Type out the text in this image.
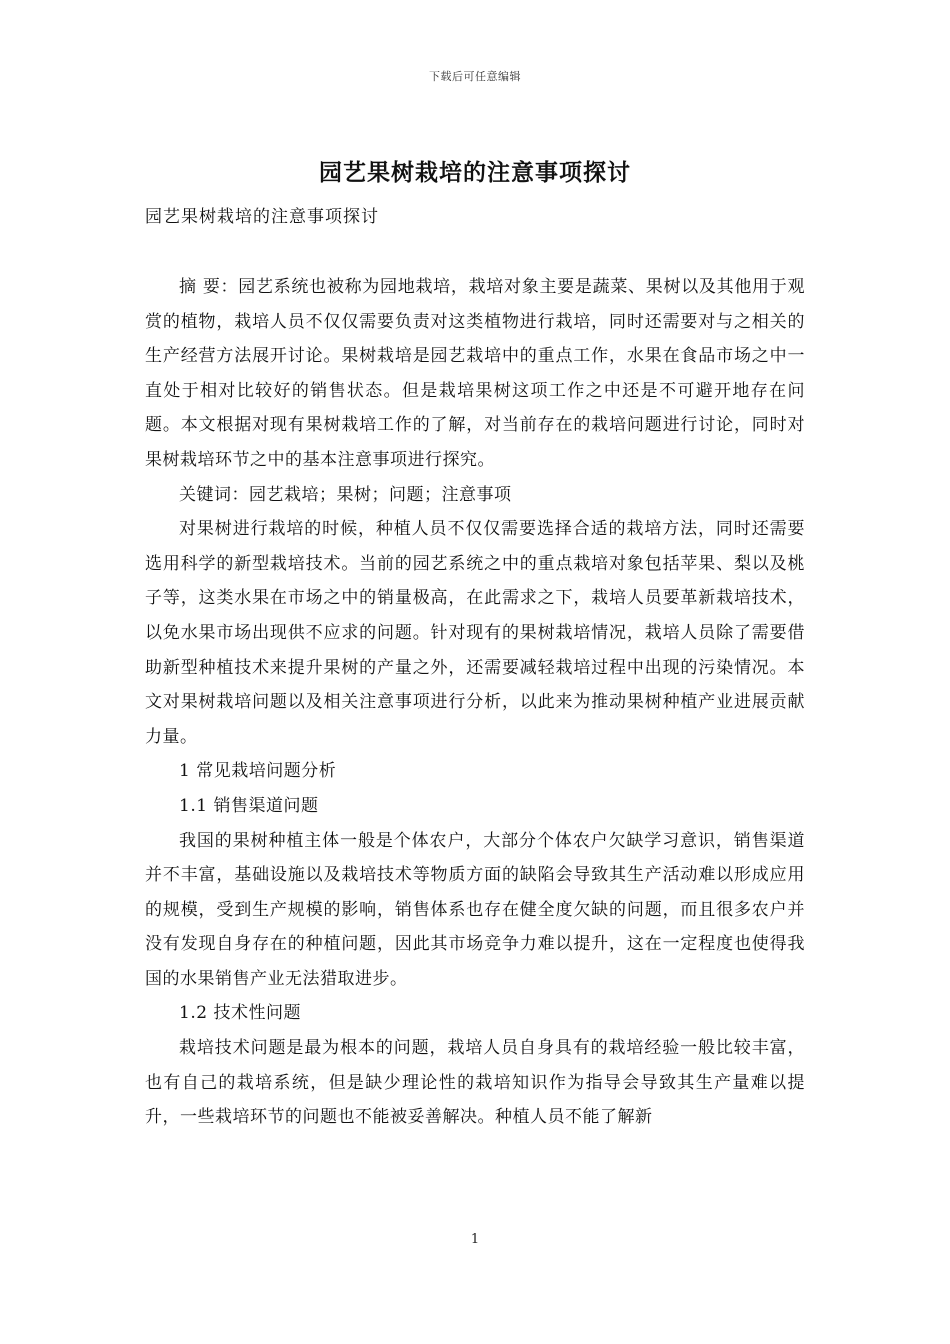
下载后可任意编辑
园艺果树栽培的注意事项探讨
园艺果树栽培的注意事项探讨

摘 要：园艺系统也被称为园地栽培，栽培对象主要是蔬菜、果树以及其他用于观赏的植物，栽培人员不仅仅需要负责对这类植物进行栽培，同时还需要对与之相关的生产经营方法展开讨论。果树栽培是园艺栽培中的重点工作，水果在食品市场之中一直处于相对比较好的销售状态。但是栽培果树这项工作之中还是不可避开地存在问题。本文根据对现有果树栽培工作的了解，对当前存在的栽培问题进行讨论，同时对果树栽培环节之中的基本注意事项进行探究。

关键词：园艺栽培；果树；问题；注意事项

对果树进行栽培的时候，种植人员不仅仅需要选择合适的栽培方法，同时还需要选用科学的新型栽培技术。当前的园艺系统之中的重点栽培对象包括苹果、梨以及桃子等，这类水果在市场之中的销量极高，在此需求之下，栽培人员要革新栽培技术，以免水果市场出现供不应求的问题。针对现有的果树栽培情况，栽培人员除了需要借助新型种植技术来提升果树的产量之外，还需要减轻栽培过程中出现的污染情况。本文对果树栽培问题以及相关注意事项进行分析，以此来为推动果树种植产业进展贡献力量。

1 常见栽培问题分析

1.1 销售渠道问题

我国的果树种植主体一般是个体农户，大部分个体农户欠缺学习意识，销售渠道并不丰富，基础设施以及栽培技术等物质方面的缺陷会导致其生产活动难以形成应用的规模，受到生产规模的影响，销售体系也存在健全度欠缺的问题，而且很多农户并没有发现自身存在的种植问题，因此其市场竞争力难以提升，这在一定程度也使得我国的水果销售产业无法猎取进步。

1.2 技术性问题

栽培技术问题是最为根本的问题，栽培人员自身具有的栽培经验一般比较丰富，也有自己的栽培系统，但是缺少理论性的栽培知识作为指导会导致其生产量难以提升，一些栽培环节的问题也不能被妥善解决。种植人员不能了解新

1
